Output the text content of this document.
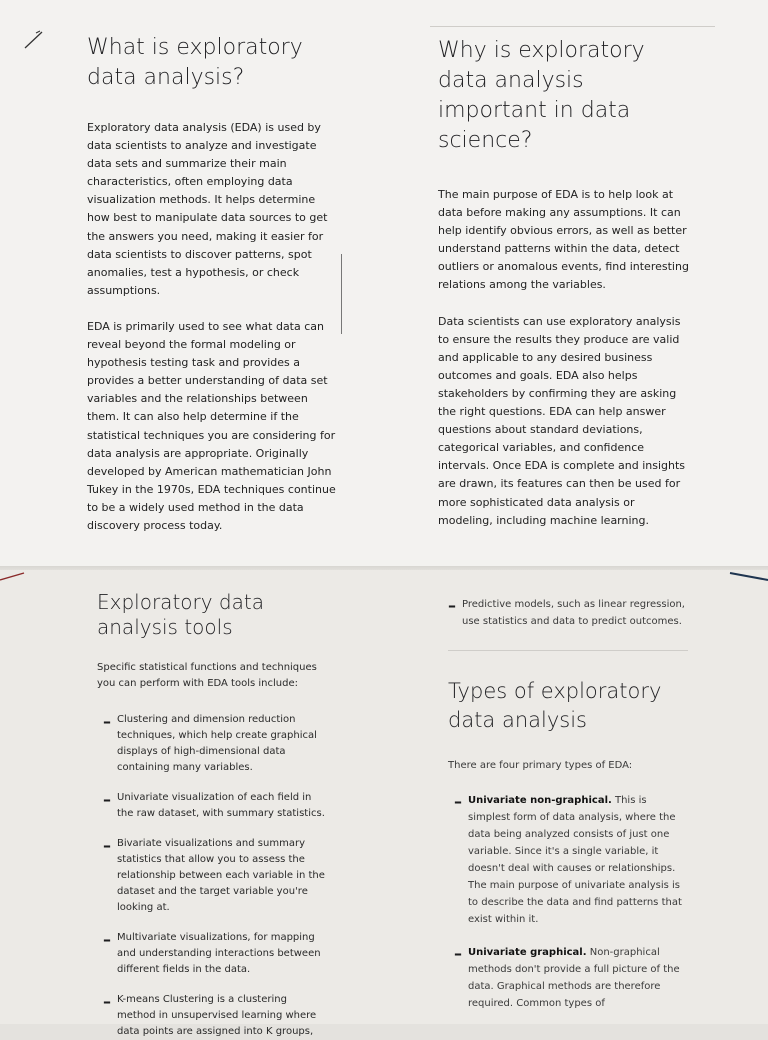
What is exploratory data analysis?

Exploratory data analysis (EDA) is used by data scientists to analyze and investigate data sets and summarize their main characteristics, often employing data visualization methods. It helps determine how best to manipulate data sources to get the answers you need, making it easier for data scientists to discover patterns, spot anomalies, test a hypothesis, or check assumptions.

EDA is primarily used to see what data can reveal beyond the formal modeling or hypothesis testing task and provides a provides a better understanding of data set variables and the relationships between them. It can also help determine if the statistical techniques you are considering for data analysis are appropriate. Originally developed by American mathematician John Tukey in the 1970s, EDA techniques continue to be a widely used method in the data discovery process today.

Why is exploratory data analysis important in data science?

The main purpose of EDA is to help look at data before making any assumptions. It can help identify obvious errors, as well as better understand patterns within the data, detect outliers or anomalous events, find interesting relations among the variables.

Data scientists can use exploratory analysis to ensure the results they produce are valid and applicable to any desired business outcomes and goals. EDA also helps stakeholders by confirming they are asking the right questions. EDA can help answer questions about standard deviations, categorical variables, and confidence intervals. Once EDA is complete and insights are drawn, its features can then be used for more sophisticated data analysis or modeling, including machine learning.

Exploratory data analysis tools

Specific statistical functions and techniques you can perform with EDA tools include:

– Clustering and dimension reduction techniques, which help create graphical displays of high-dimensional data containing many variables.

– Univariate visualization of each field in the raw dataset, with summary statistics.

– Bivariate visualizations and summary statistics that allow you to assess the relationship between each variable in the dataset and the target variable you're looking at.

– Multivariate visualizations, for mapping and understanding interactions between different fields in the data.

– K-means Clustering is a clustering method in unsupervised learning where data points are assigned into K groups,

– Predictive models, such as linear regression, use statistics and data to predict outcomes.

Types of exploratory data analysis

There are four primary types of EDA:

– Univariate non-graphical. This is simplest form of data analysis, where the data being analyzed consists of just one variable. Since it's a single variable, it doesn't deal with causes or relationships. The main purpose of univariate analysis is to describe the data and find patterns that exist within it.

– Univariate graphical. Non-graphical methods don't provide a full picture of the data. Graphical methods are therefore required. Common types of
